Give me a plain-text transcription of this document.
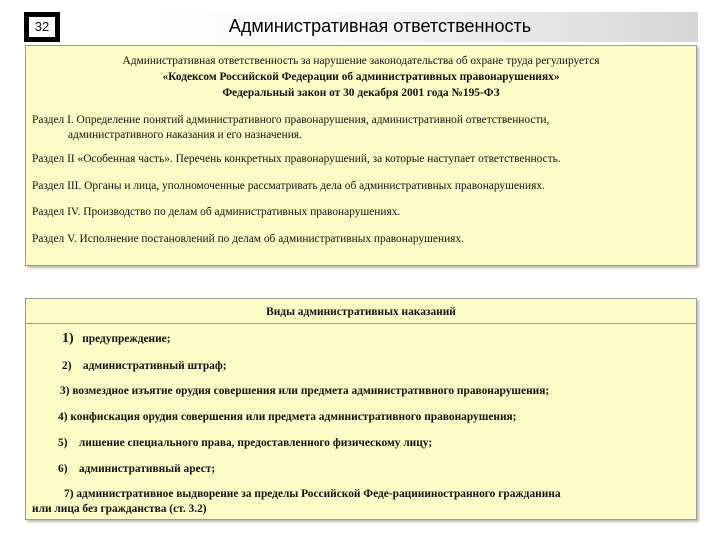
32	Административная ответственность
Административная ответственность за нарушение законодательства об охране труда регулируется
«Кодексом Российской Федерации об административных правонарушениях»
Федеральный закон от 30 декабря 2001 года №195-ФЗ
Раздел I. Определение понятий административного правонарушения, административной ответственности,
административного наказания и его назначения.
Раздел II «Особенная часть». Перечень конкретных правонарушений, за которые наступает ответственность.
Раздел III. Органы и лица, уполномоченные рассматривать дела об административных правонарушениях.
Раздел IV. Производство по делам об административных правонарушениях.
Раздел V. Исполнение постановлений по делам об административных правонарушениях.
Виды административных наказаний
1) предупреждение;
2) административный штраф;
3) возмездное изъятие орудия совершения или предмета административного правонарушения;
4) конфискация орудия совершения или предмета административного правонарушения;
5) лишение специального права, предоставленного физическому лицу;
6) административный арест;
7) административное выдворение за пределы Российской Феде-рациииностранного гражданина
или лица без гражданства (ст. 3.2)
